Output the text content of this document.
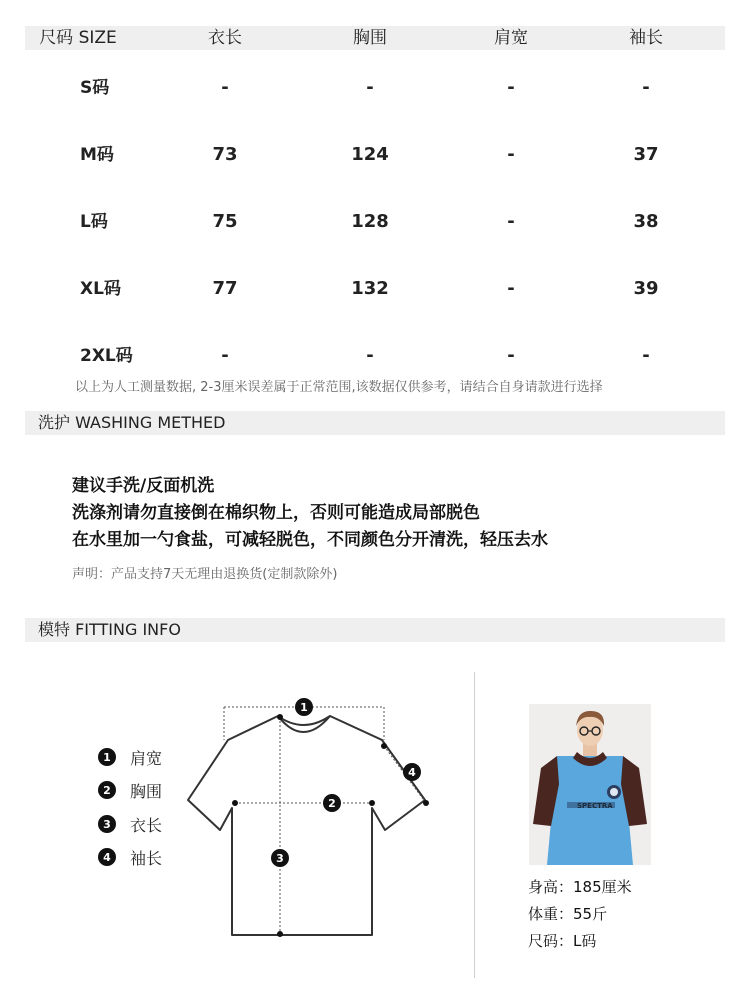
尺码 SIZE	衣长	胸围	肩宽	袖长
S码	-	-	-	-
M码	73	124	-	37
L码	75	128	-	38
XL码	77	132	-	39
2XL码	-	-	-	-
以上为人工测量数据, 2-3厘米误差属于正常范围,该数据仅供参考，请结合自身请款进行选择
洗护 WASHING METHED
建议手洗/反面机洗
洗涤剂请勿直接倒在棉织物上，否则可能造成局部脱色
在水里加一勺食盐，可减轻脱色，不同颜色分开清洗，轻压去水
声明：产品支持7天无理由退换货(定制款除外)
模特 FITTING INFO
1	肩宽
2	胸围
3	衣长
4	袖长
1
2
3
4
SPECTRA
身高：185厘米
体重：55斤
尺码：L码
